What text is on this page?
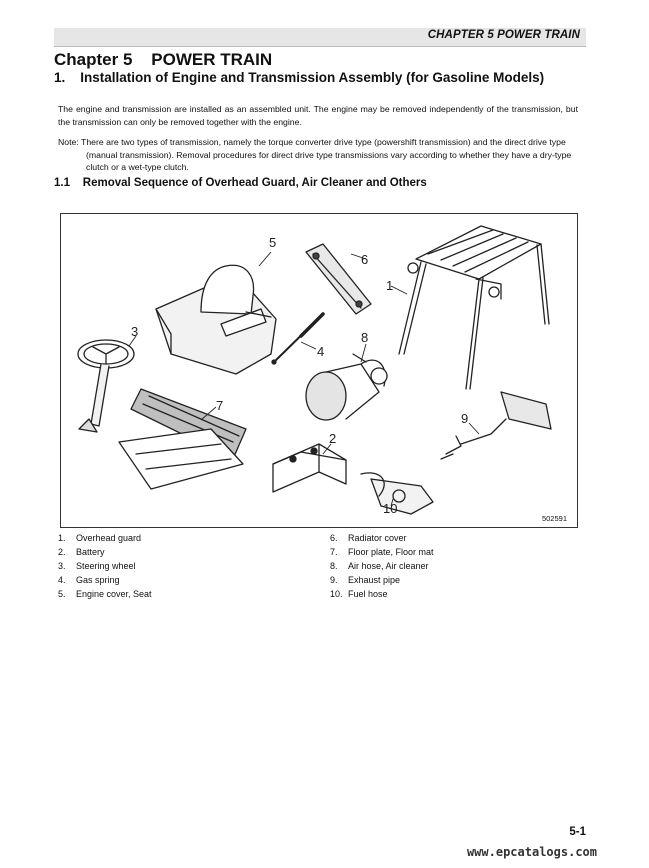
CHAPTER 5 POWER TRAIN
Chapter 5    POWER TRAIN
1.    Installation of Engine and Transmission Assembly (for Gasoline Models)
The engine and transmission are installed as an assembled unit. The engine may be removed independently of the transmission, but the transmission can only be removed together with the engine.
Note: There are two types of transmission, namely the torque converter drive type (powershift transmission) and the direct drive type (manual transmission). Removal procedures for direct drive type transmissions vary according to whether they have a dry-type clutch or a wet-type clutch.
1.1    Removal Sequence of Overhead Guard, Air Cleaner and Others
5
6
1
4
3	8
7
2
9
10
502591
1. Overhead guard
2. Battery
3. Steering wheel
4. Gas spring
5. Engine cover, Seat
6. Radiator cover
7. Floor plate, Floor mat
8. Air hose, Air cleaner
9. Exhaust pipe
10. Fuel hose
5-1
www.epcatalogs.com
